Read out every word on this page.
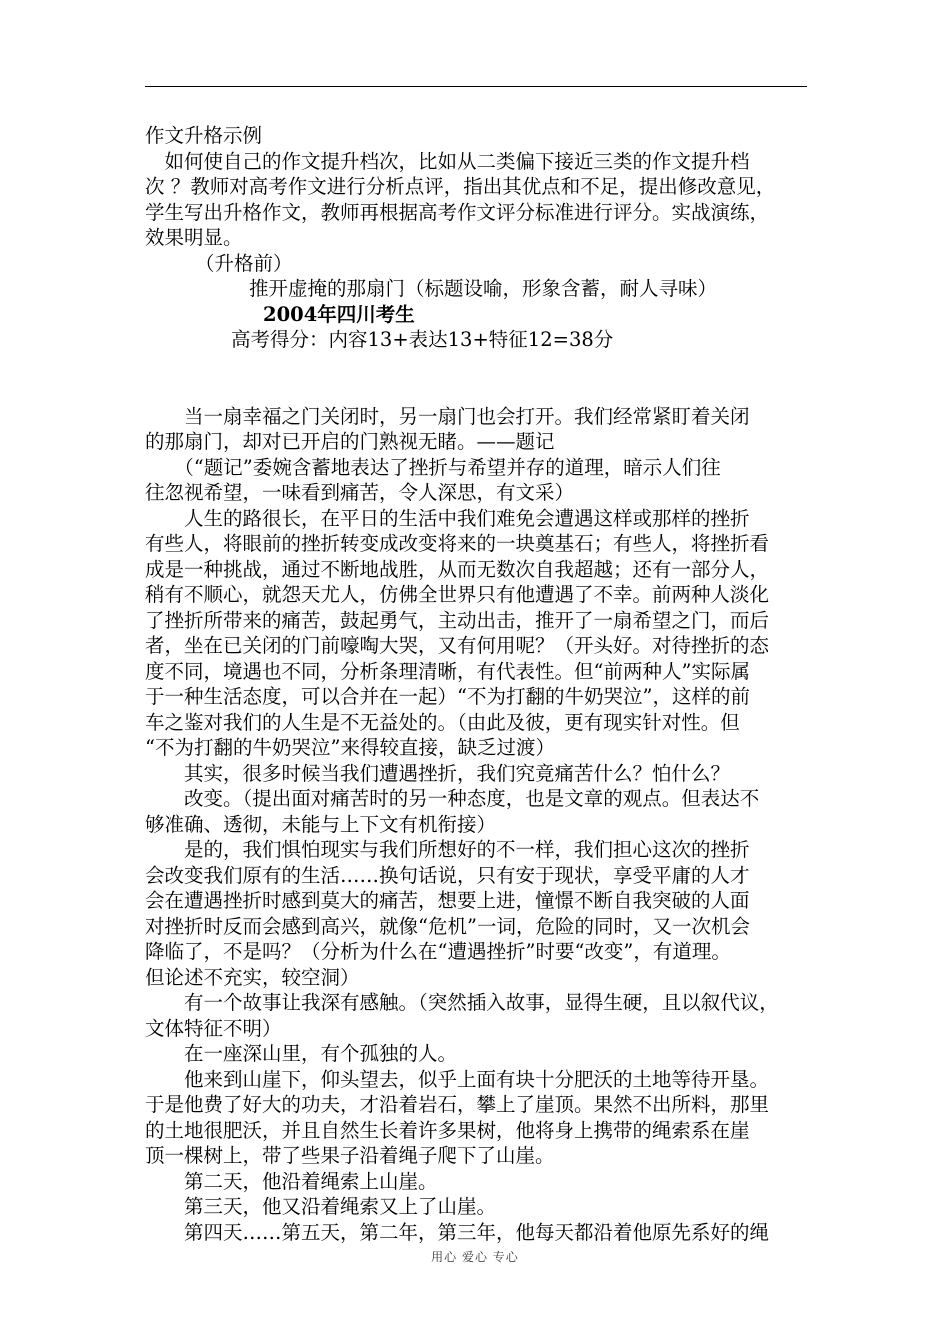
作文升格示例
　如何使自己的作文提升档次，比如从二类偏下接近三类的作文提升档
次 ？教师对高考作文进行分析点评，指出其优点和不足，提出修改意见，
学生写出升格作文，教师再根据高考作文评分标准进行评分。实战演练，
效果明显。
（升格前）
推开虚掩的那扇门（标题设喻，形象含蓄，耐人寻味）
2004年四川考生
高考得分：内容13+表达13+特征12=38分
　　当一扇幸福之门关闭时，另一扇门也会打开。我们经常紧盯着关闭
的那扇门，却对已开启的门熟视无睹。——题记
　　（“题记”委婉含蓄地表达了挫折与希望并存的道理，暗示人们往
往忽视希望，一味看到痛苦，令人深思，有文采）
　　人生的路很长，在平日的生活中我们难免会遭遇这样或那样的挫折
有些人，将眼前的挫折转变成改变将来的一块奠基石；有些人，将挫折看
成是一种挑战，通过不断地战胜，从而无数次自我超越；还有一部分人，
稍有不顺心，就怨天尤人，仿佛全世界只有他遭遇了不幸。前两种人淡化
了挫折所带来的痛苦，鼓起勇气，主动出击，推开了一扇希望之门，而后
者，坐在已关闭的门前嚎啕大哭，又有何用呢？（开头好。对待挫折的态
度不同，境遇也不同，分析条理清晰，有代表性。但“前两种人”实际属
于一种生活态度，可以合并在一起）“不为打翻的牛奶哭泣”，这样的前
车之鉴对我们的人生是不无益处的。（由此及彼，更有现实针对性。但
“不为打翻的牛奶哭泣”来得较直接，缺乏过渡）
　　其实，很多时候当我们遭遇挫折，我们究竟痛苦什么？怕什么？
　　改变。（提出面对痛苦时的另一种态度，也是文章的观点。但表达不
够准确、透彻，未能与上下文有机衔接）
　　是的，我们惧怕现实与我们所想好的不一样，我们担心这次的挫折
会改变我们原有的生活……换句话说，只有安于现状，享受平庸的人才
会在遭遇挫折时感到莫大的痛苦，想要上进，憧憬不断自我突破的人面
对挫折时反而会感到高兴，就像“危机”一词，危险的同时，又一次机会
降临了，不是吗？（分析为什么在“遭遇挫折”时要“改变”，有道理。
但论述不充实，较空洞）
　　有一个故事让我深有感触。（突然插入故事，显得生硬，且以叙代议，
文体特征不明）
　　在一座深山里，有个孤独的人。
　　他来到山崖下，仰头望去，似乎上面有块十分肥沃的土地等待开垦。
于是他费了好大的功夫，才沿着岩石，攀上了崖顶。果然不出所料，那里
的土地很肥沃，并且自然生长着许多果树，他将身上携带的绳索系在崖
顶一棵树上，带了些果子沿着绳子爬下了山崖。
　　第二天，他沿着绳索上山崖。
　　第三天，他又沿着绳索又上了山崖。
　　第四天……第五天，第二年，第三年，他每天都沿着他原先系好的绳
用心 爱心 专心
